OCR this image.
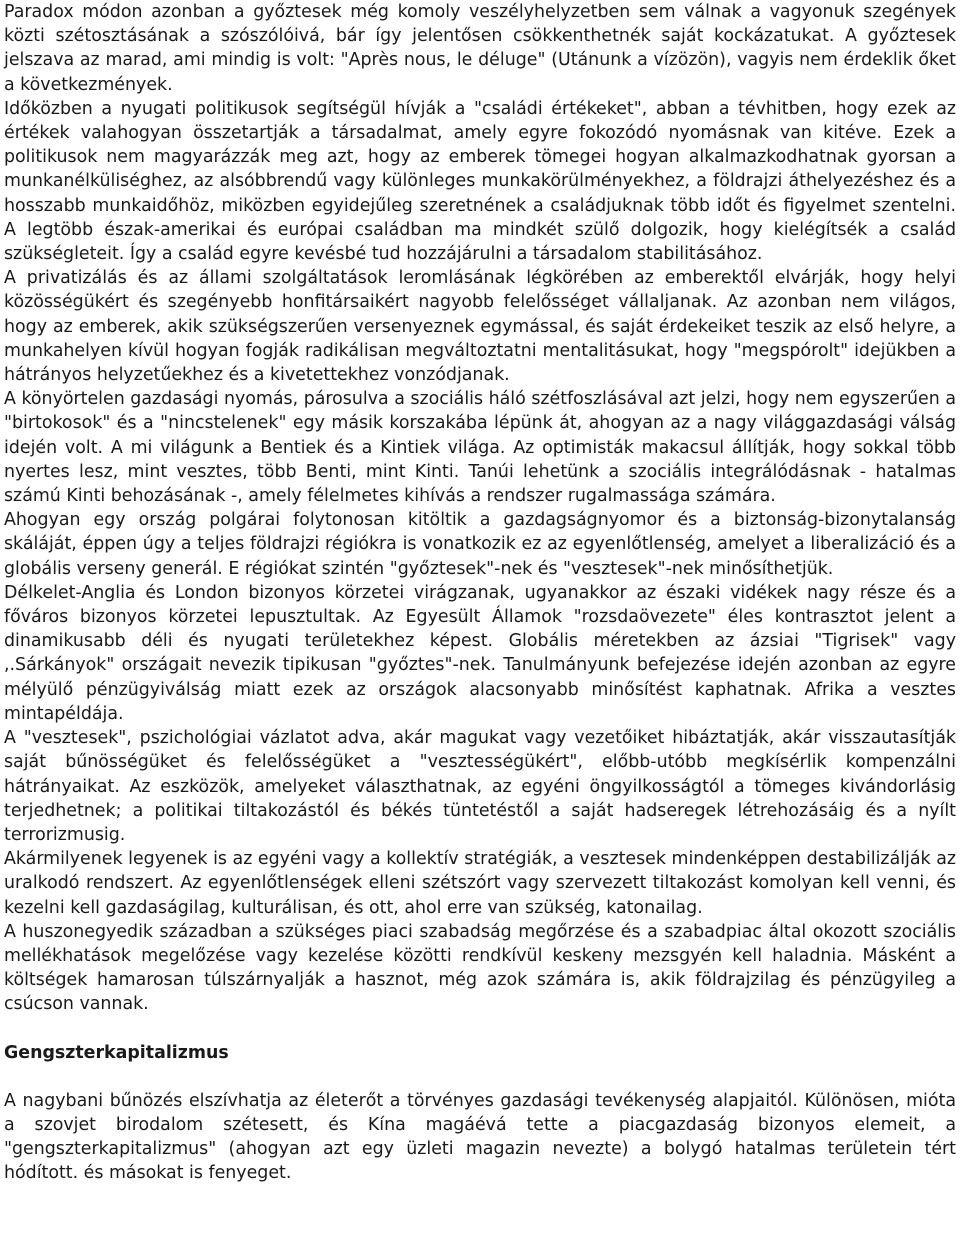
Paradox módon azonban a győztesek még komoly veszélyhelyzetben sem válnak a vagyonuk szegények közti szétosztásának a szószólóivá, bár így jelentősen csökkenthetnék saját kockázatukat. A győztesek jelszava az marad, ami mindig is volt: "Après nous, le déluge" (Utánunk a vízözön), vagyis nem érdeklik őket a következmények.

Időközben a nyugati politikusok segítségül hívják a "családi értékeket", abban a tévhitben, hogy ezek az értékek valahogyan összetartják a társadalmat, amely egyre fokozódó nyomásnak van kitéve. Ezek a politikusok nem magyarázzák meg azt, hogy az emberek tömegei hogyan alkalmazkodhatnak gyorsan a munkanélküliséghez, az alsóbbrendű vagy különleges munkakörülményekhez, a földrajzi áthelyezéshez és a hosszabb munkaidőhöz, miközben egyidejűleg szeretnének a családjuknak több időt és figyelmet szentelni. A legtöbb észak-amerikai és európai családban ma mindkét szülő dolgozik, hogy kielégítsék a család szükségleteit. Így a család egyre kevésbé tud hozzájárulni a társadalom stabilitásához.

A privatizálás és az állami szolgáltatások leromlásának légkörében az emberektől elvárják, hogy helyi közösségükért és szegényebb honfitársaikért nagyobb felelősséget vállaljanak. Az azonban nem világos, hogy az emberek, akik szükségszerűen versenyeznek egymással, és saját érdekeiket teszik az első helyre, a munkahelyen kívül hogyan fogják radikálisan megváltoztatni mentalitásukat, hogy "megspórolt" idejükben a hátrányos helyzetűekhez és a kivetettekhez vonzódjanak.

A könyörtelen gazdasági nyomás, párosulva a szociális háló szétfoszlásával azt jelzi, hogy nem egyszerűen a "birtokosok" és a "nincstelenek" egy másik korszakába lépünk át, ahogyan az a nagy világgazdasági válság idején volt. A mi világunk a Bentiek és a Kintiek világa. Az optimisták makacsul állítják, hogy sokkal több nyertes lesz, mint vesztes, több Benti, mint Kinti. Tanúi lehetünk a szociális integrálódásnak - hatalmas számú Kinti behozásának -, amely félelmetes kihívás a rendszer rugalmassága számára.

Ahogyan egy ország polgárai folytonosan kitöltik a gazdagságnyomor és a biztonság-bizonytalanság skáláját, éppen úgy a teljes földrajzi régiókra is vonatkozik ez az egyenlőtlenség, amelyet a liberalizáció és a globális verseny generál. E régiókat szintén "győztesek"-nek és "vesztesek"-nek minősíthetjük.

Délkelet-Anglia és London bizonyos körzetei virágzanak, ugyanakkor az északi vidékek nagy része és a főváros bizonyos körzetei lepusztultak. Az Egyesült Államok "rozsdaövezete" éles kontrasztot jelent a dinamikusabb déli és nyugati területekhez képest. Globális méretekben az ázsiai "Tigrisek" vagy ,.Sárkányok" országait nevezik tipikusan "győztes"-nek. Tanulmányunk befejezése idején azonban az egyre mélyülő pénzügyiválság miatt ezek az országok alacsonyabb minősítést kaphatnak. Afrika a vesztes mintapéldája.

A "vesztesek", pszichológiai vázlatot adva, akár magukat vagy vezetőiket hibáztatják, akár visszautasítják saját bűnösségüket és felelősségüket a "vesztességükért", előbb-utóbb megkísérlik kompenzálni hátrányaikat. Az eszközök, amelyeket választhatnak, az egyéni öngyilkosságtól a tömeges kivándorlásig terjedhetnek; a politikai tiltakozástól és békés tüntetéstől a saját hadseregek létrehozásáig és a nyílt terrorizmusig.

Akármilyenek legyenek is az egyéni vagy a kollektív stratégiák, a vesztesek mindenképpen destabilizálják az uralkodó rendszert. Az egyenlőtlenségek elleni szétszórt vagy szervezett tiltakozást komolyan kell venni, és kezelni kell gazdaságilag, kulturálisan, és ott, ahol erre van szükség, katonailag.

A huszonegyedik században a szükséges piaci szabadság megőrzése és a szabadpiac által okozott szociális mellékhatások megelőzése vagy kezelése közötti rendkívül keskeny mezsgyén kell haladnia. Másként a költségek hamarosan túlszárnyalják a hasznot, még azok számára is, akik földrajzilag és pénzügyileg a csúcson vannak.

Gengszterkapitalizmus

A nagybani bűnözés elszívhatja az életerőt a törvényes gazdasági tevékenység alapjaitól. Különösen, mióta a szovjet birodalom szétesett, és Kína magáévá tette a piacgazdaság bizonyos elemeit, a "gengszterkapitalizmus" (ahogyan azt egy üzleti magazin nevezte) a bolygó hatalmas területein tért hódított. és másokat is fenyeget.
